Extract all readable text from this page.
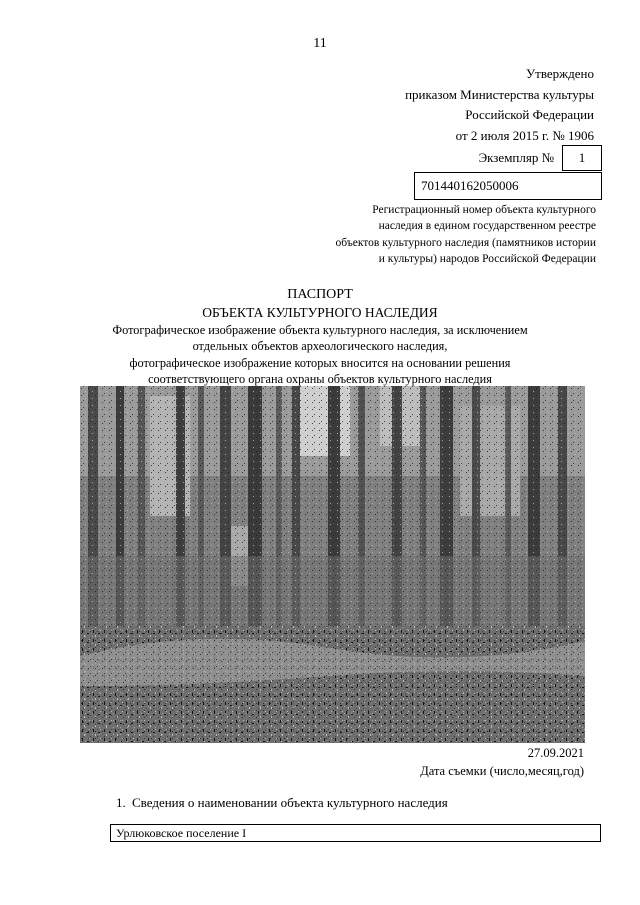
11
Утверждено
приказом Министерства культуры
Российской Федерации
от 2 июля 2015 г. № 1906
Экземпляр №	1
701440162050006
Регистрационный номер объекта культурного
наследия в едином государственном реестре
объектов культурного наследия (памятников истории
и культуры) народов Российской Федерации
ПАСПОРТ
ОБЪЕКТА КУЛЬТУРНОГО НАСЛЕДИЯ
Фотографическое изображение объекта культурного наследия, за исключением
отдельных объектов археологического наследия,
фотографическое изображение которых вносится на основании решения
соответствующего органа охраны объектов культурного наследия
27.09.2021
Дата съемки (число,месяц,год)
1. Сведения о наименовании объекта культурного наследия
Урлюковское поселение I
